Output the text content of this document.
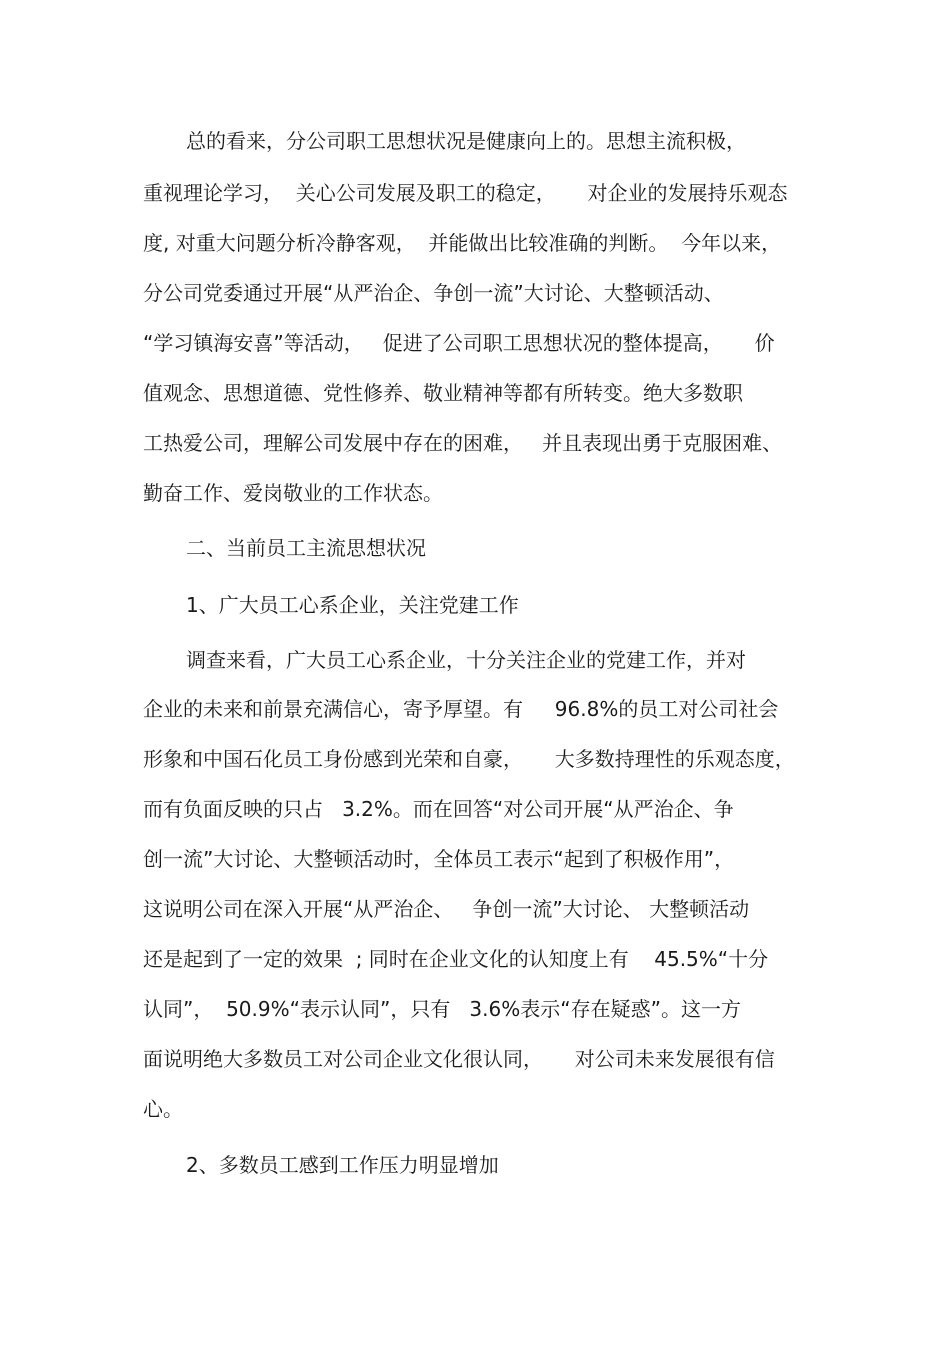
总的看来，分公司职工思想状况是健康向上的。思想主流积极，
重视理论学习，  关心公司发展及职工的稳定，     对企业的发展持乐观态
度, 对重大问题分析冷静客观，  并能做出比较准确的判断。  今年以来，
分公司党委通过开展“从严治企、争创一流”大讨论、大整顿活动、
“学习镇海安喜”等活动，   促进了公司职工思想状况的整体提高，     价
值观念、思想道德、党性修养、敬业精神等都有所转变。绝大多数职
工热爱公司，理解公司发展中存在的困难，   并且表现出勇于克服困难、
勤奋工作、爱岗敬业的工作状态。
二、当前员工主流思想状况
1、广大员工心系企业，关注党建工作
调查来看，广大员工心系企业，十分关注企业的党建工作，并对
企业的未来和前景充满信心，寄予厚望。有     96.8%的员工对公司社会
形象和中国石化员工身份感到光荣和自豪，     大多数持理性的乐观态度，
而有负面反映的只占   3.2%。而在回答“对公司开展“从严治企、争
创一流”大讨论、大整顿活动时，全体员工表示“起到了积极作用”，
这说明公司在深入开展“从严治企、   争创一流”大讨论、 大整顿活动
还是起到了一定的效果  ; 同时在企业文化的认知度上有    45.5%“十分
认同”，  50.9%“表示认同”，只有   3.6%表示“存在疑惑”。这一方
面说明绝大多数员工对公司企业文化很认同，     对公司未来发展很有信
心。
2、多数员工感到工作压力明显增加
